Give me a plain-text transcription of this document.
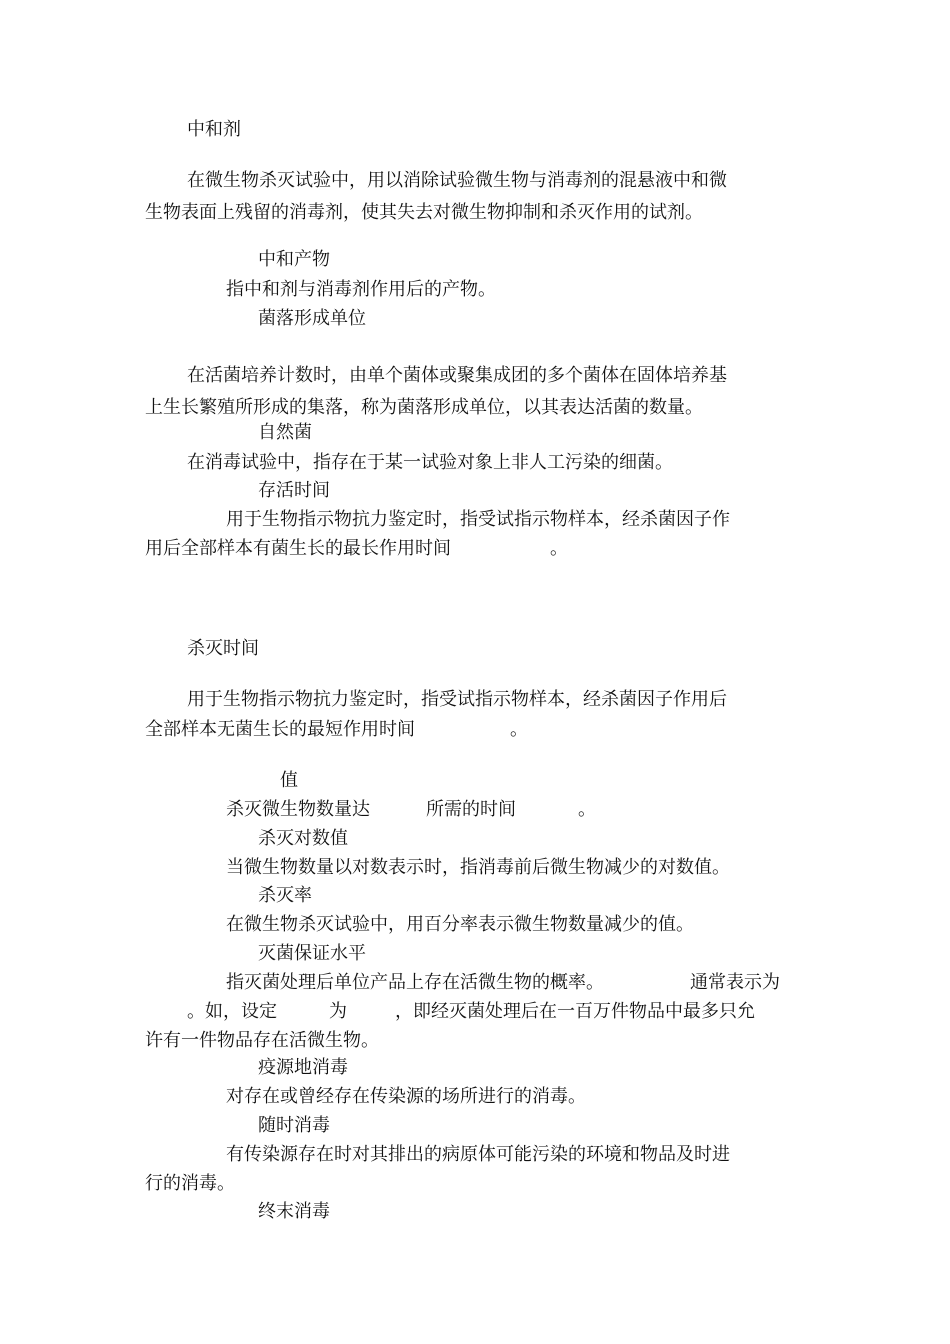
中和剂
在微生物杀灭试验中，用以消除试验微生物与消毒剂的混悬液中和微
生物表面上残留的消毒剂，使其失去对微生物抑制和杀灭作用的试剂。
中和产物
指中和剂与消毒剂作用后的产物。
菌落形成单位
在活菌培养计数时，由单个菌体或聚集成团的多个菌体在固体培养基
上生长繁殖所形成的集落，称为菌落形成单位，以其表达活菌的数量。
自然菌
在消毒试验中，指存在于某一试验对象上非人工污染的细菌。
存活时间
用于生物指示物抗力鉴定时，指受试指示物样本，经杀菌因子作
用后全部样本有菌生长的最长作用时间	。
杀灭时间
用于生物指示物抗力鉴定时，指受试指示物样本，经杀菌因子作用后
全部样本无菌生长的最短作用时间	。
值
杀灭微生物数量达	所需的时间	。
杀灭对数值
当微生物数量以对数表示时，指消毒前后微生物减少的对数值。
杀灭率
在微生物杀灭试验中，用百分率表示微生物数量减少的值。
灭菌保证水平
指灭菌处理后单位产品上存在活微生物的概率。	通常表示为
。如，设定	为	，即经灭菌处理后在一百万件物品中最多只允
许有一件物品存在活微生物。
疫源地消毒
对存在或曾经存在传染源的场所进行的消毒。
随时消毒
有传染源存在时对其排出的病原体可能污染的环境和物品及时进
行的消毒。
终末消毒
